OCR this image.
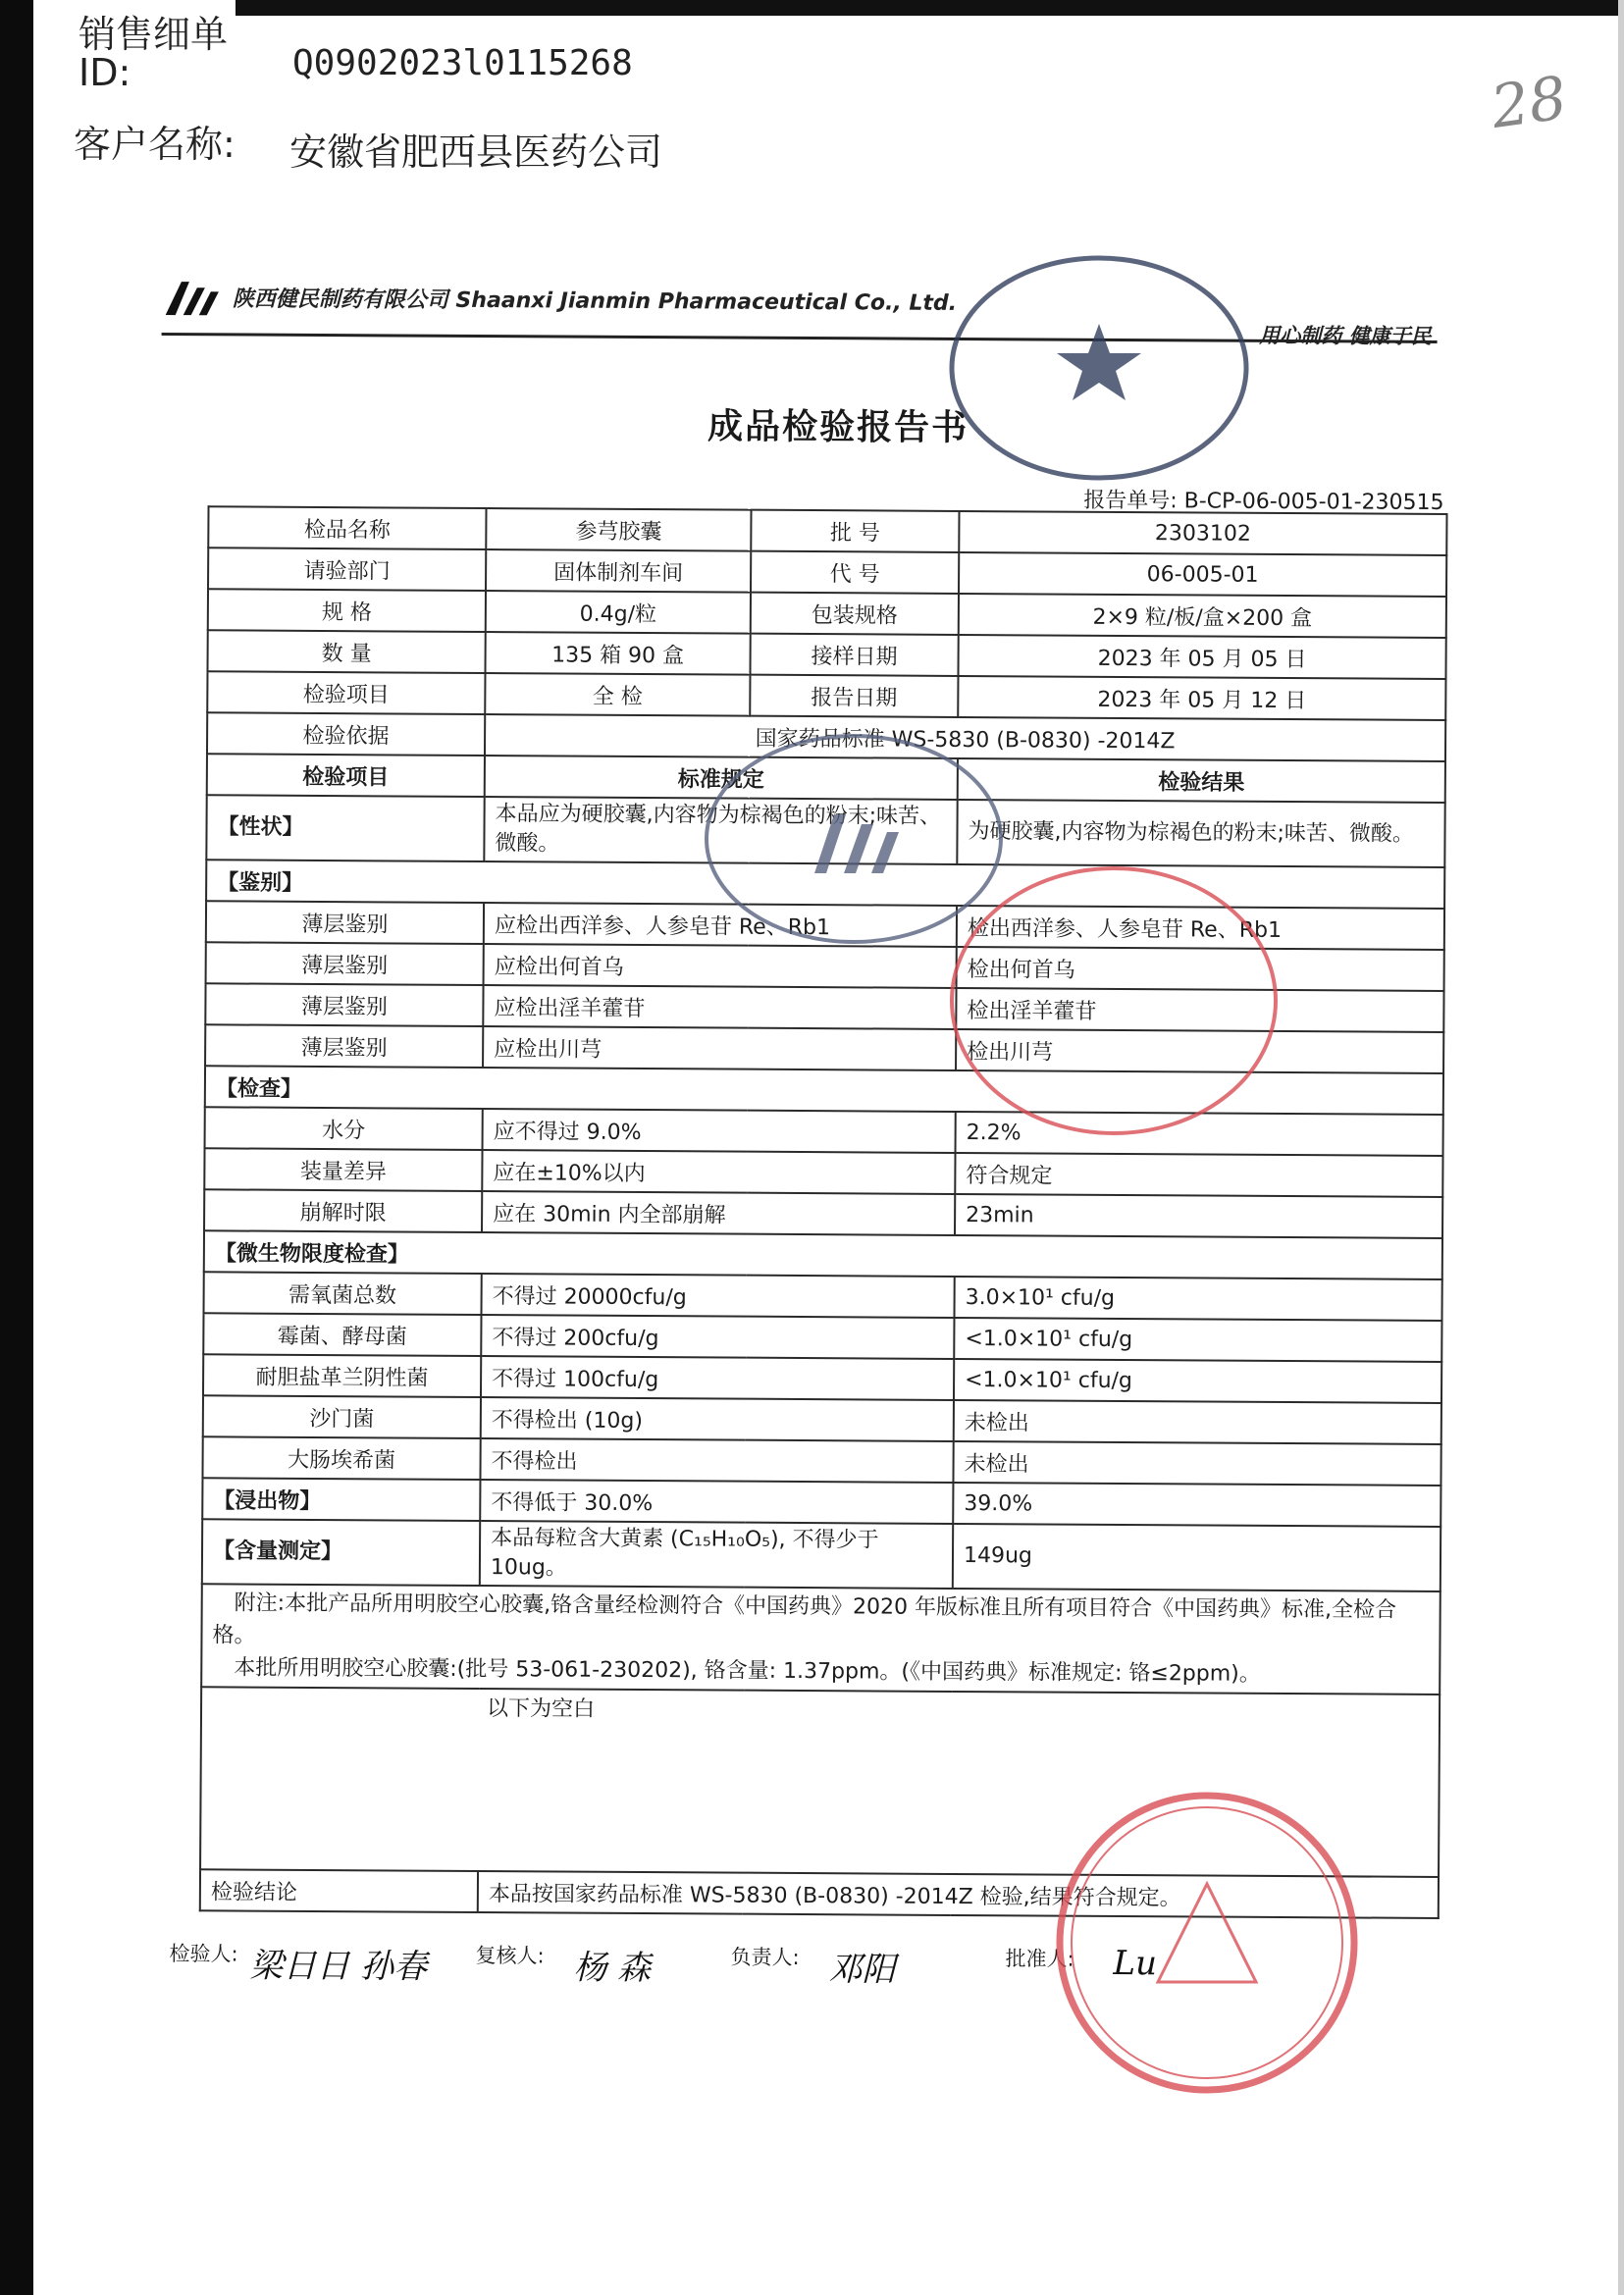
销售细单
ID:	Q0902023l0115268
客户名称: 安徽省肥西县医药公司
28
陕西健民制药有限公司 Shaanxi Jianmin Pharmaceutical Co., Ltd.
用心制药 健康于民
成品检验报告书
报告单号: B-CP-06-005-01-230515
检品名称	参芎胶囊	批 号	2303102
请验部门	固体制剂车间	代 号	06-005-01
规 格	0.4g/粒	包装规格	2×9 粒/板/盒×200 盒
数 量	135 箱 90 盒	接样日期	2023 年 05 月 05 日
检验项目	全 检	报告日期	2023 年 05 月 12 日
检验依据	国家药品标准 WS-5830 (B-0830) -2014Z		
检验项目	标准规定		检验结果
【性状】	本品应为硬胶囊,内容物为棕褐色的粉末;味苦、微酸。		为硬胶囊,内容物为棕褐色的粉末;味苦、微酸。
【鉴别】			
薄层鉴别	应检出西洋参、人参皂苷 Re、Rb1		检出西洋参、人参皂苷 Re、Rb1
薄层鉴别	应检出何首乌		检出何首乌
薄层鉴别	应检出淫羊藿苷		检出淫羊藿苷
薄层鉴别	应检出川芎		检出川芎
【检查】			
水分	应不得过 9.0%		2.2%
装量差异	应在±10%以内		符合规定
崩解时限	应在 30min 内全部崩解		23min
【微生物限度检查】			
需氧菌总数	不得过 20000cfu/g		3.0×10¹ cfu/g
霉菌、酵母菌	不得过 200cfu/g		<1.0×10¹ cfu/g
耐胆盐革兰阴性菌	不得过 100cfu/g		<1.0×10¹ cfu/g
沙门菌	不得检出 (10g)		未检出
大肠埃希菌	不得检出		未检出
【浸出物】	不得低于 30.0%		39.0%
【含量测定】	本品每粒含大黄素 (C₁₅H₁₀O₅), 不得少于 10ug。		149ug

附注:本批产品所用明胶空心胶囊,铬含量经检测符合《中国药典》2020 年版标准且所有项目符合《中国药典》标准,全检合格。
本批所用明胶空心胶囊:(批号 53-061-230202), 铬含量: 1.37ppm。(《中国药典》标准规定: 铬≤2ppm)。			

以下为空白			
检验结论	本品按国家药品标准 WS-5830 (B-0830) -2014Z 检验,结果符合规定。		
检验人: 梁日日 孙春 复核人: 杨 森	负责人: 邓阳	批准人: Lu
